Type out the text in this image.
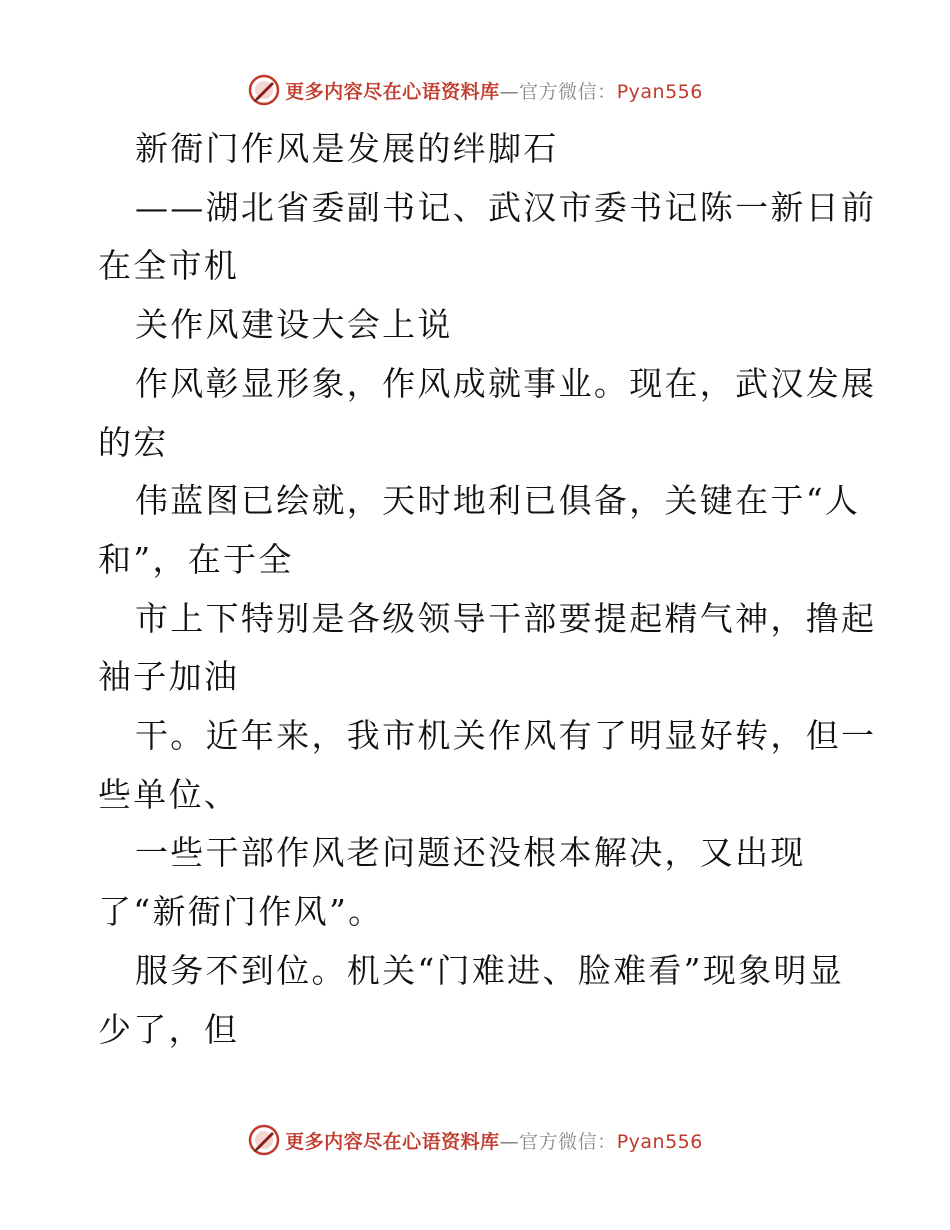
更多内容尽在心语资料库—官方微信：Pyan556

新衙门作风是发展的绊脚石

——湖北省委副书记、武汉市委书记陈一新日前
在全市机

关作风建设大会上说

作风彰显形象，作风成就事业。现在，武汉发展
的宏

伟蓝图已绘就，天时地利已俱备，关键在于“人
和”，在于全

市上下特别是各级领导干部要提起精气神，撸起
袖子加油

干。近年来，我市机关作风有了明显好转，但一
些单位、

一些干部作风老问题还没根本解决，又出现
了“新衙门作风”。

服务不到位。机关“门难进、脸难看”现象明显
少了，但

更多内容尽在心语资料库—官方微信：Pyan556
